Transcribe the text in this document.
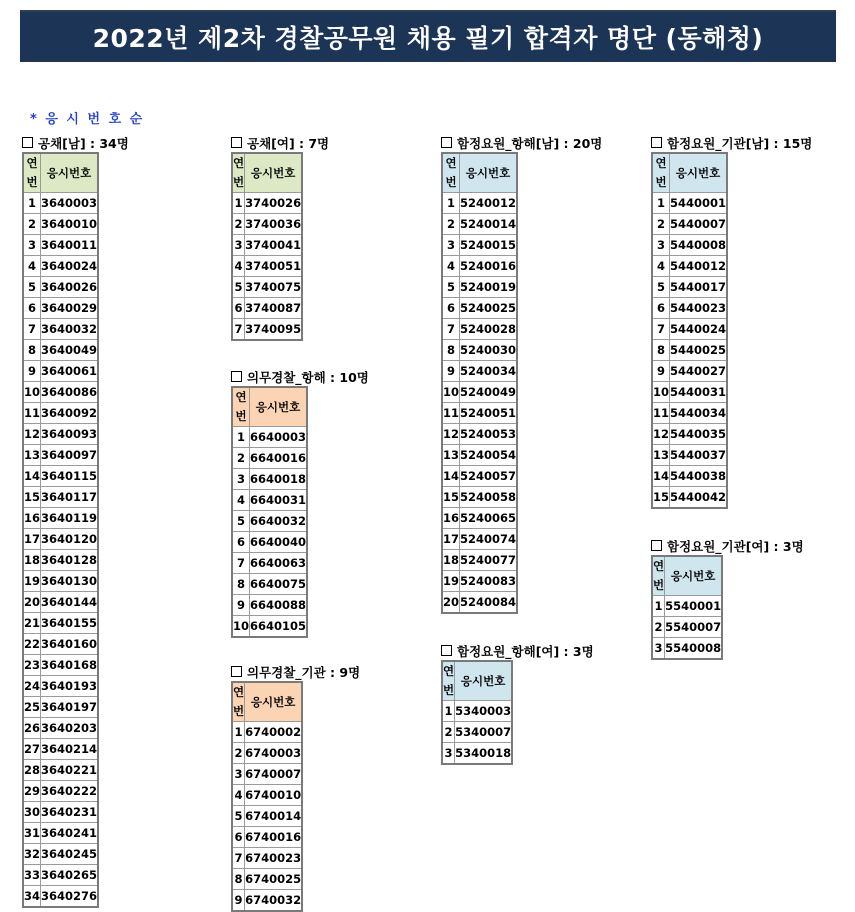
2022년 제2차 경찰공무원 채용 필기 합격자 명단 (동해청)
* 응 시 번 호 순
공채[남] : 34명
연번	응시번호
1	3640003
2	3640010
3	3640011
4	3640024
5	3640026
6	3640029
7	3640032
8	3640049
9	3640061
10	3640086
11	3640092
12	3640093
13	3640097
14	3640115
15	3640117
16	3640119
17	3640120
18	3640128
19	3640130
20	3640144
21	3640155
22	3640160
23	3640168
24	3640193
25	3640197
26	3640203
27	3640214
28	3640221
29	3640222
30	3640231
31	3640241
32	3640245
33	3640265
34	3640276
공채[여] : 7명
연번	응시번호
1	3740026
2	3740036
3	3740041
4	3740051
5	3740075
6	3740087
7	3740095
의무경찰_항해 : 10명
연번	응시번호
1	6640003
2	6640016
3	6640018
4	6640031
5	6640032
6	6640040
7	6640063
8	6640075
9	6640088
10	6640105
의무경찰_기관 : 9명
연번	응시번호
1	6740002
2	6740003
3	6740007
4	6740010
5	6740014
6	6740016
7	6740023
8	6740025
9	6740032
함정요원_항해[남] : 20명
연번	응시번호
1	5240012
2	5240014
3	5240015
4	5240016
5	5240019
6	5240025
7	5240028
8	5240030
9	5240034
10	5240049
11	5240051
12	5240053
13	5240054
14	5240057
15	5240058
16	5240065
17	5240074
18	5240077
19	5240083
20	5240084
함정요원_항해[여] : 3명
연번	응시번호
1	5340003
2	5340007
3	5340018
함정요원_기관[남] : 15명
연번	응시번호
1	5440001
2	5440007
3	5440008
4	5440012
5	5440017
6	5440023
7	5440024
8	5440025
9	5440027
10	5440031
11	5440034
12	5440035
13	5440037
14	5440038
15	5440042
함정요원_기관[여] : 3명
연번	응시번호
1	5540001
2	5540007
3	5540008
